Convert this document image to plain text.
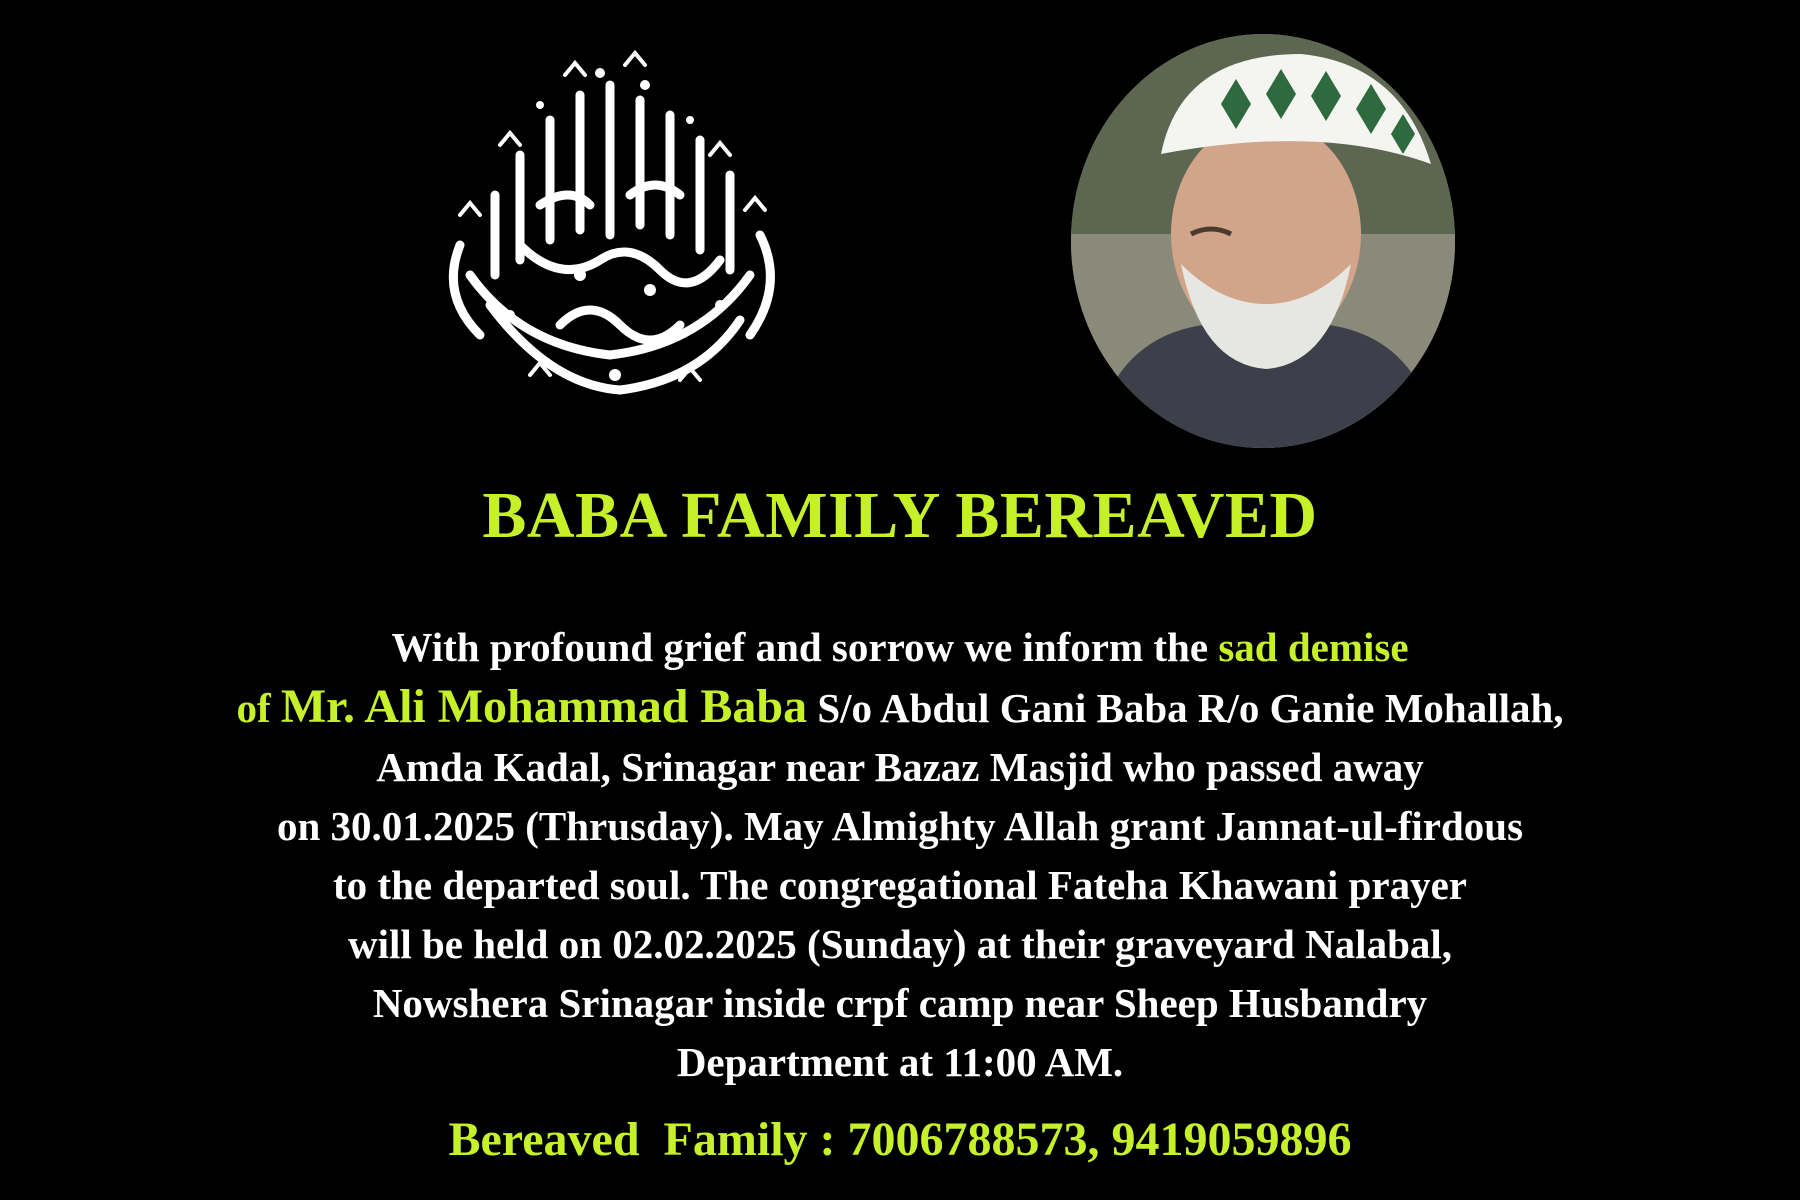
BABA FAMILY BEREAVED
With profound grief and sorrow we inform the sad demise
of Mr. Ali Mohammad Baba S/o Abdul Gani Baba R/o Ganie Mohallah,
Amda Kadal, Srinagar near Bazaz Masjid who passed away
on 30.01.2025 (Thrusday). May Almighty Allah grant Jannat-ul-firdous
to the departed soul. The congregational Fateha Khawani prayer
will be held on 02.02.2025 (Sunday) at their graveyard Nalabal,
Nowshera Srinagar inside crpf camp near Sheep Husbandry
Department at 11:00 AM.
Bereaved  Family : 7006788573, 9419059896
